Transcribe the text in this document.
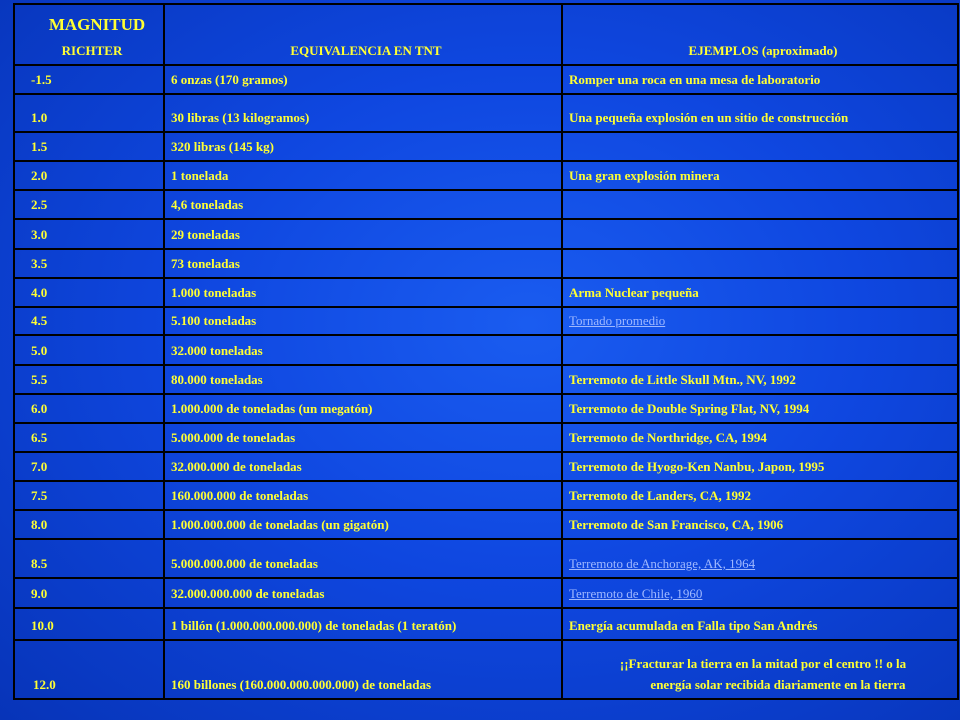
MAGNITUD
RICHTER	EQUIVALENCIA EN TNT	EJEMPLOS (aproximado)
-1.5	6 onzas (170 gramos)	Romper una roca en una mesa de laboratorio
1.0	30 libras (13 kilogramos)	Una pequeña explosión en un sitio de construcción
1.5	320 libras (145 kg)	
2.0	1 tonelada	Una gran explosión minera
2.5	4,6 toneladas	
3.0	29 toneladas	
3.5	73 toneladas	
4.0	1.000 toneladas	Arma Nuclear pequeña
4.5	5.100 toneladas	Tornado promedio
5.0	32.000 toneladas	
5.5	80.000 toneladas	Terremoto de Little Skull Mtn., NV, 1992
6.0	1.000.000 de toneladas (un megatón)	Terremoto de Double Spring Flat, NV, 1994
6.5	5.000.000 de toneladas	Terremoto de Northridge, CA, 1994
7.0	32.000.000 de toneladas	Terremoto de Hyogo-Ken Nanbu, Japon, 1995
7.5	160.000.000 de toneladas	Terremoto de Landers, CA, 1992
8.0	1.000.000.000 de toneladas (un gigatón)	Terremoto de San Francisco, CA, 1906
8.5	5.000.000.000 de toneladas	Terremoto de Anchorage, AK, 1964
9.0	32.000.000.000 de toneladas	Terremoto de Chile, 1960
10.0	1 billón (1.000.000.000.000) de toneladas (1 teratón)	Energía acumulada en Falla tipo San Andrés
12.0	160 billones (160.000.000.000.000) de toneladas	¡¡Fracturar la tierra en la mitad por el centro !! o la
energía solar recibida diariamente en la tierra
